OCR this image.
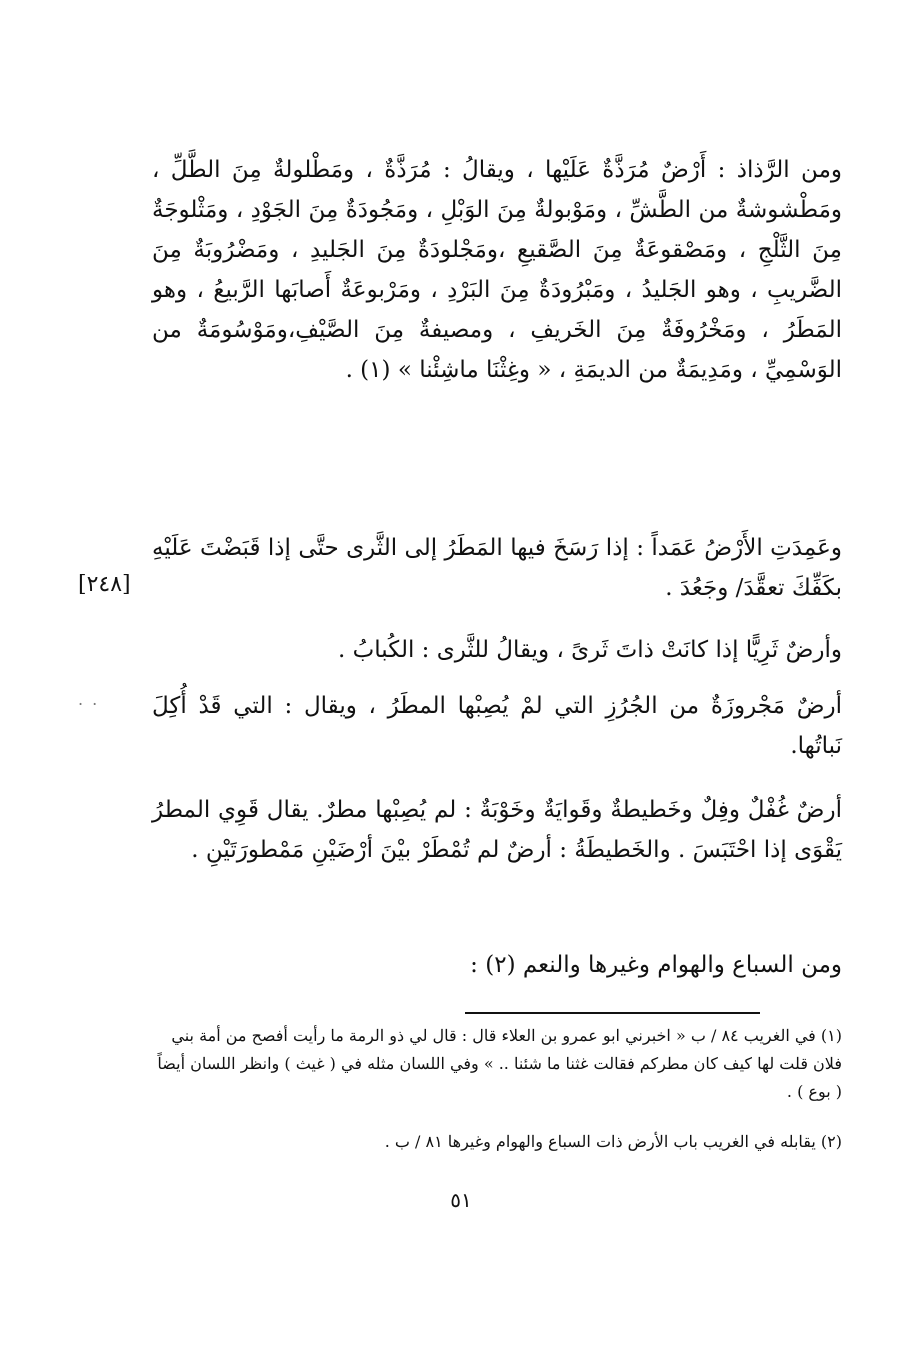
ومن الرَّذاذ : أَرْضٌ مُرَذَّةٌ عَلَيْها ، ويقالُ : مُرَذَّةٌ ، ومَطْلولةٌ مِنَ الطَّلِّ ، ومَطْشوشةٌ من الطَّشِّ ، ومَوْبولةٌ مِنَ الوَبْلِ ، ومَجُودَةٌ مِنَ الجَوْدِ ، ومَثْلوجَةٌ مِنَ الثَّلْجِ ، ومَصْقوعَةٌ مِنَ الصَّقيعِ ،ومَجْلودَةٌ مِنَ الجَليدِ ، ومَضْرُوبَةٌ مِنَ الضَّريبِ ، وهو الجَليدُ ، ومَبْرُودَةٌ مِنَ البَرْدِ ، ومَرْبوعَةٌ أَصابَها الرَّبيعُ ، وهو المَطَرُ ، ومَخْرُوفَةٌ مِنَ الخَريفِ ، ومصيفةٌ مِنَ الصَّيْفِ،ومَوْسُومَةٌ من الوَسْمِيِّ ، ومَدِيمَةٌ من الديمَةِ ، « وغِثْنَا ماشِئْنا » (١) .

وعَمِدَتِ الأَرْضُ عَمَداً : إذا رَسَخَ فيها المَطَرُ إلى الثَّرى حتَّى إذا قَبَضْتَ عَلَيْهِ بكَفِّكَ تعقَّدَ/ وجَعُدَ .

[٢٤٨]

وأرضٌ ثَرِيًّا إذا كانَتْ ذاتَ ثَرىً ، ويقالُ للثَّرى : الكُبابُ .

. . أرضٌ مَجْروزَةٌ من الجُرُزِ التي لمْ يُصِبْها المطَرُ ، ويقال : التي قَدْ أُكِلَ نَباتُها.

أرضٌ غُفْلٌ وفِلٌ وخَطيطةٌ وقَوايَةٌ وخَوْبَةٌ : لم يُصِبْها مطرٌ. يقال قَوِي المطرُ يَقْوَى إذا احْتَبَسَ . والخَطيطَةُ : أرضٌ لم تُمْطَرْ بيْنَ أرْضَيْنِ مَمْطورَتَيْنِ .

ومن السباع والهوام وغيرها والنعم (٢) :

(١) في الغريب ٨٤ / ب « اخبرني ابو عمرو بن العلاء قال : قال لي ذو الرمة ما رأيت أفصح من أمة بني فلان قلت لها كيف كان مطركم فقالت غثنا ما شئنا .. » وفي اللسان مثله في ( غيث ) وانظر اللسان أيضاً ( بوع ) .

(٢) يقابله في الغريب باب الأرض ذات السباع والهوام وغيرها ٨١ / ب .

٥١
